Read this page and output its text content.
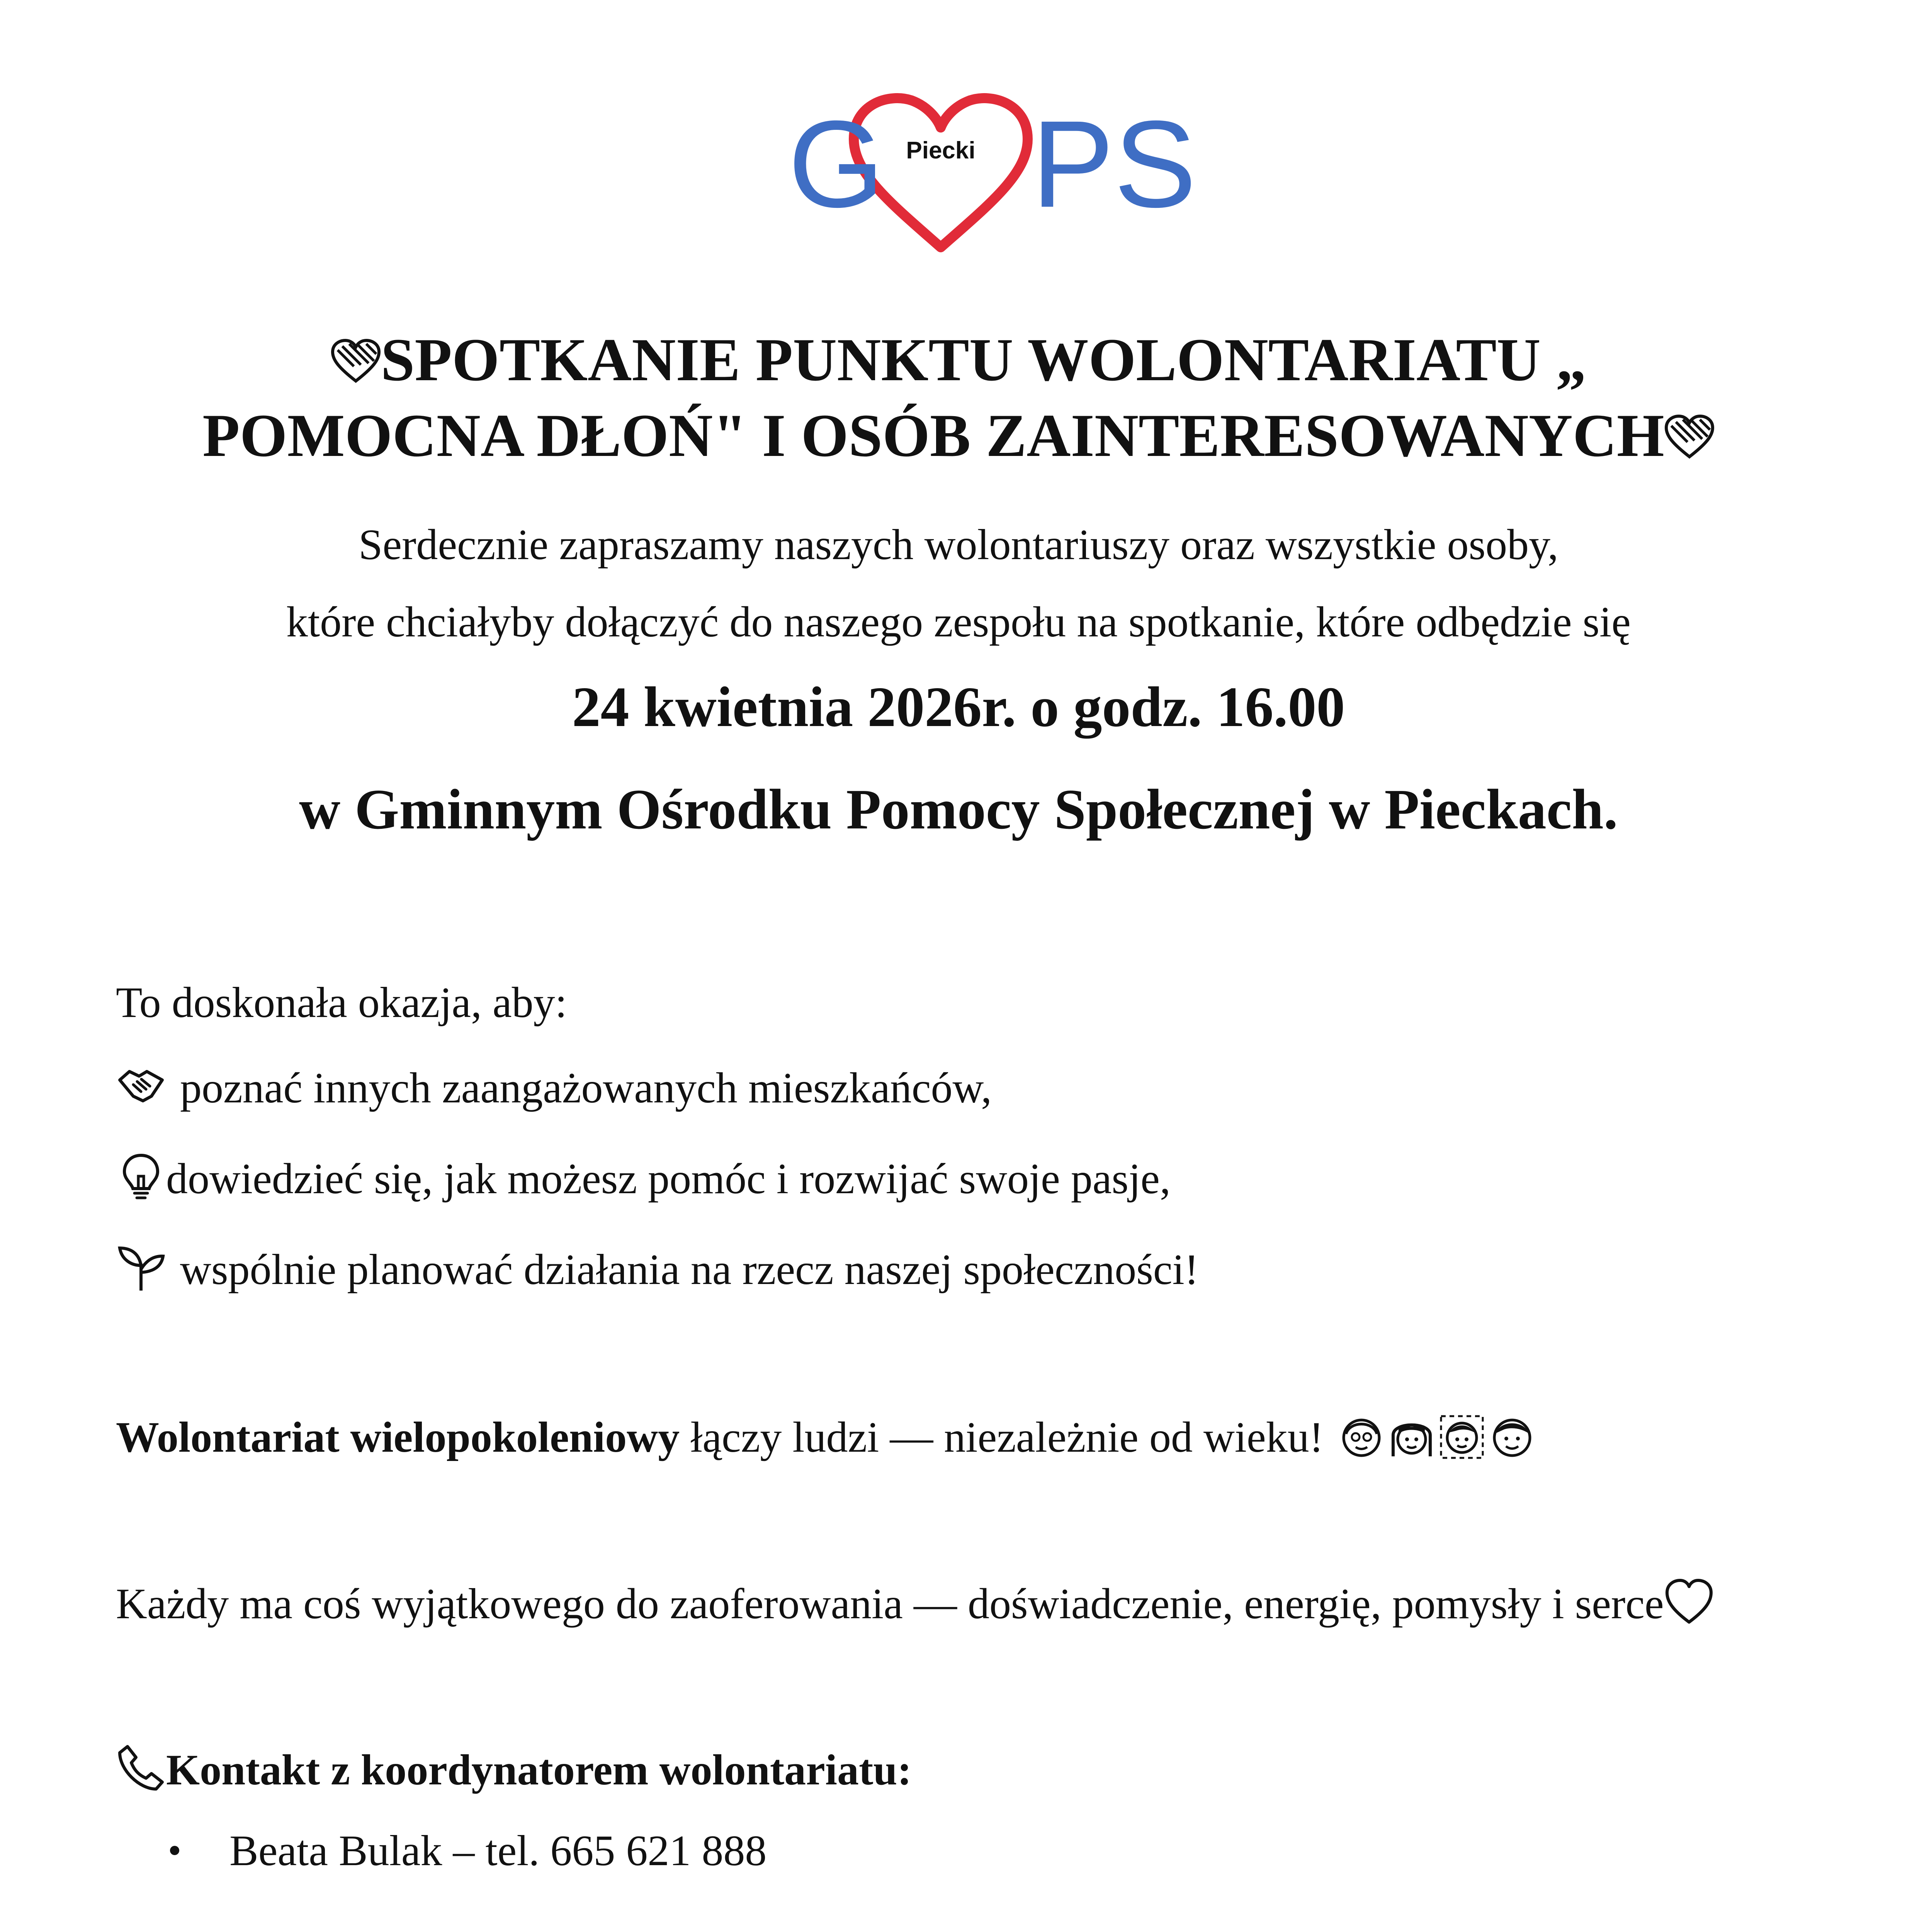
G PS
Piecki
SPOTKANIE PUNKTU WOLONTARIATU „
POMOCNA DŁOŃ" I OSÓB ZAINTERESOWANYCH
Serdecznie zapraszamy naszych wolontariuszy oraz wszystkie osoby,
które chciałyby dołączyć do naszego zespołu na spotkanie, które odbędzie się
24 kwietnia 2026r. o godz. 16.00
w Gminnym Ośrodku Pomocy Społecznej w Pieckach.
To doskonała okazja, aby:
poznać innych zaangażowanych mieszkańców,
dowiedzieć się, jak możesz pomóc i rozwijać swoje pasje,
wspólnie planować działania na rzecz naszej społeczności!
Wolontariat wielopokoleniowy łączy ludzi — niezależnie od wieku!
Każdy ma coś wyjątkowego do zaoferowania — doświadczenie, energię, pomysły i serce
Kontakt z koordynatorem wolontariatu:
Beata Bulak – tel. 665 621 888
